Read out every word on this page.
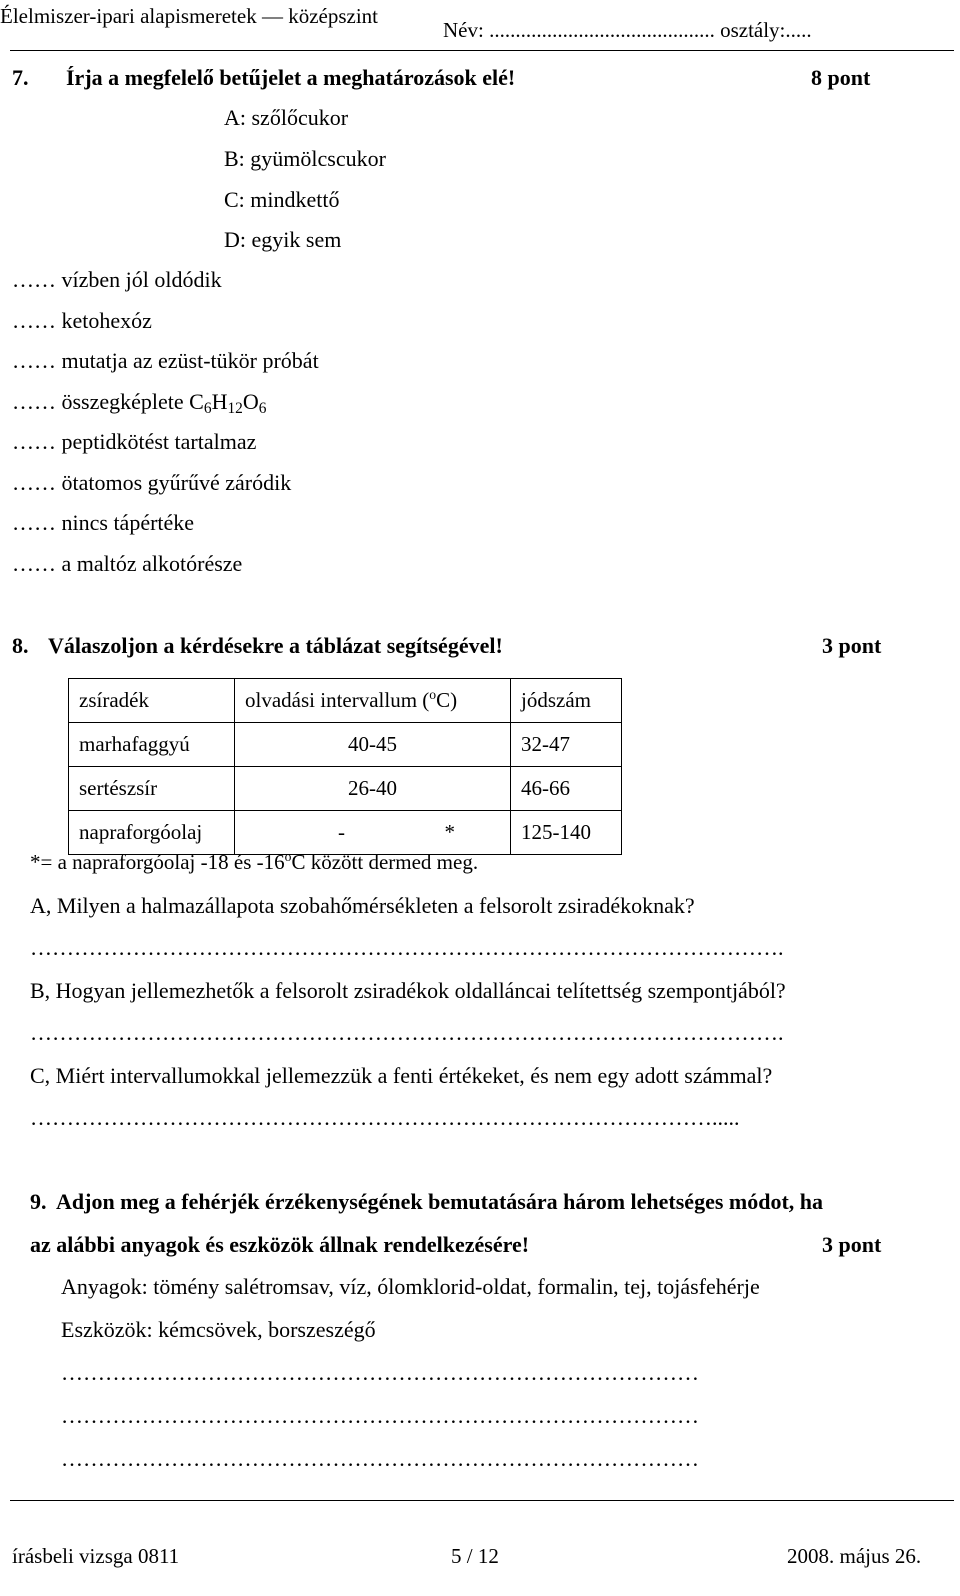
Élelmiszer-ipari alapismeretek — középszint
Név: ........................................... osztály:.....
7. Írja a megfelelő betűjelet a meghatározások elé!	8 pont
A: szőlőcukor
B: gyümölcscukor
C: mindkettő
D: egyik sem
…… vízben jól oldódik
…… ketohexóz
…… mutatja az ezüst-tükör próbát
…… összegképlete $C_6H_{12}O_6$
…… peptidkötést tartalmaz
…… ötatomos gyűrűvé záródik
…… nincs tápértéke
…… a maltóz alkotórésze
8. Válaszoljon a kérdésekre a táblázat segítségével!	3 pont
zsíradék	olvadási intervallum ($^o$C)	jódszám
marhafaggyú	40-45	32-47
sertészsír	26-40	46-66
napraforgóolaj	- *	125-140
*= a napraforgóolaj -18 és -16$^o$C között dermed meg.
A, Milyen a halmazállapota szobahőmérsékleten a felsorolt zsiradékoknak?
………………………………………………………………………………………….
B, Hogyan jellemezhetők a felsorolt zsiradékok oldalláncai telítettség szempontjából?
………………………………………………………………………………………….
C, Miért intervallumokkal jellemezzük a fenti értékeket, és nem egy adott számmal?
………………………………………………………………………………….....
9. Adjon meg a fehérjék érzékenységének bemutatására három lehetséges módot, ha
az alábbi anyagok és eszközök állnak rendelkezésére!	3 pont
Anyagok: tömény salétromsav, víz, ólomklorid-oldat, formalin, tej, tojásfehérje
Eszközök: kémcsövek, borszeszégő
……………………………………………………………………………
……………………………………………………………………………
……………………………………………………………………………
írásbeli vizsga 0811	5 / 12	2008. május 26.
